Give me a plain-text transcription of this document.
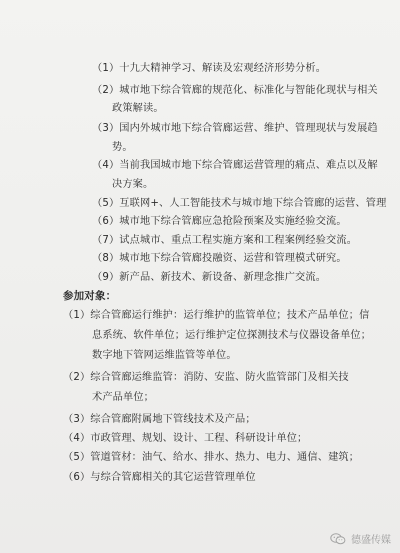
（1）十九大精神学习、解读及宏观经济形势分析。
（2）城市地下综合管廊的规范化、标准化与智能化现状与相关
政策解读。
（3）国内外城市地下综合管廊运营、维护、管理现状与发展趋
势。
（4）当前我国城市地下综合管廊运营管理的痛点、难点以及解
决方案。
（5）互联网+、人工智能技术与城市地下综合管廊的运营、管理
（6）城市地下综合管廊应急抢险预案及实施经验交流。
（7）试点城市、重点工程实施方案和工程案例经验交流。
（8）城市地下综合管廊投融资、运营和管理模式研究。
（9）新产品、新技术、新设备、新理念推广交流。
参加对象：
（1）综合管廊运行维护：运行维护的监管单位；技术产品单位；信
息系统、软件单位；运行维护定位探测技术与仪器设备单位；
数字地下管网运维监管等单位。
（2）综合管廊运维监管：消防、安监、防火监管部门及相关技
术产品单位；
（3）综合管廊附属地下管线技术及产品；
（4）市政管理、规划、设计、工程、科研设计单位；
（5）管道管材：油气、给水、排水、热力、电力、通信、建筑；
（6）与综合管廊相关的其它运营管理单位
德盛传媒
